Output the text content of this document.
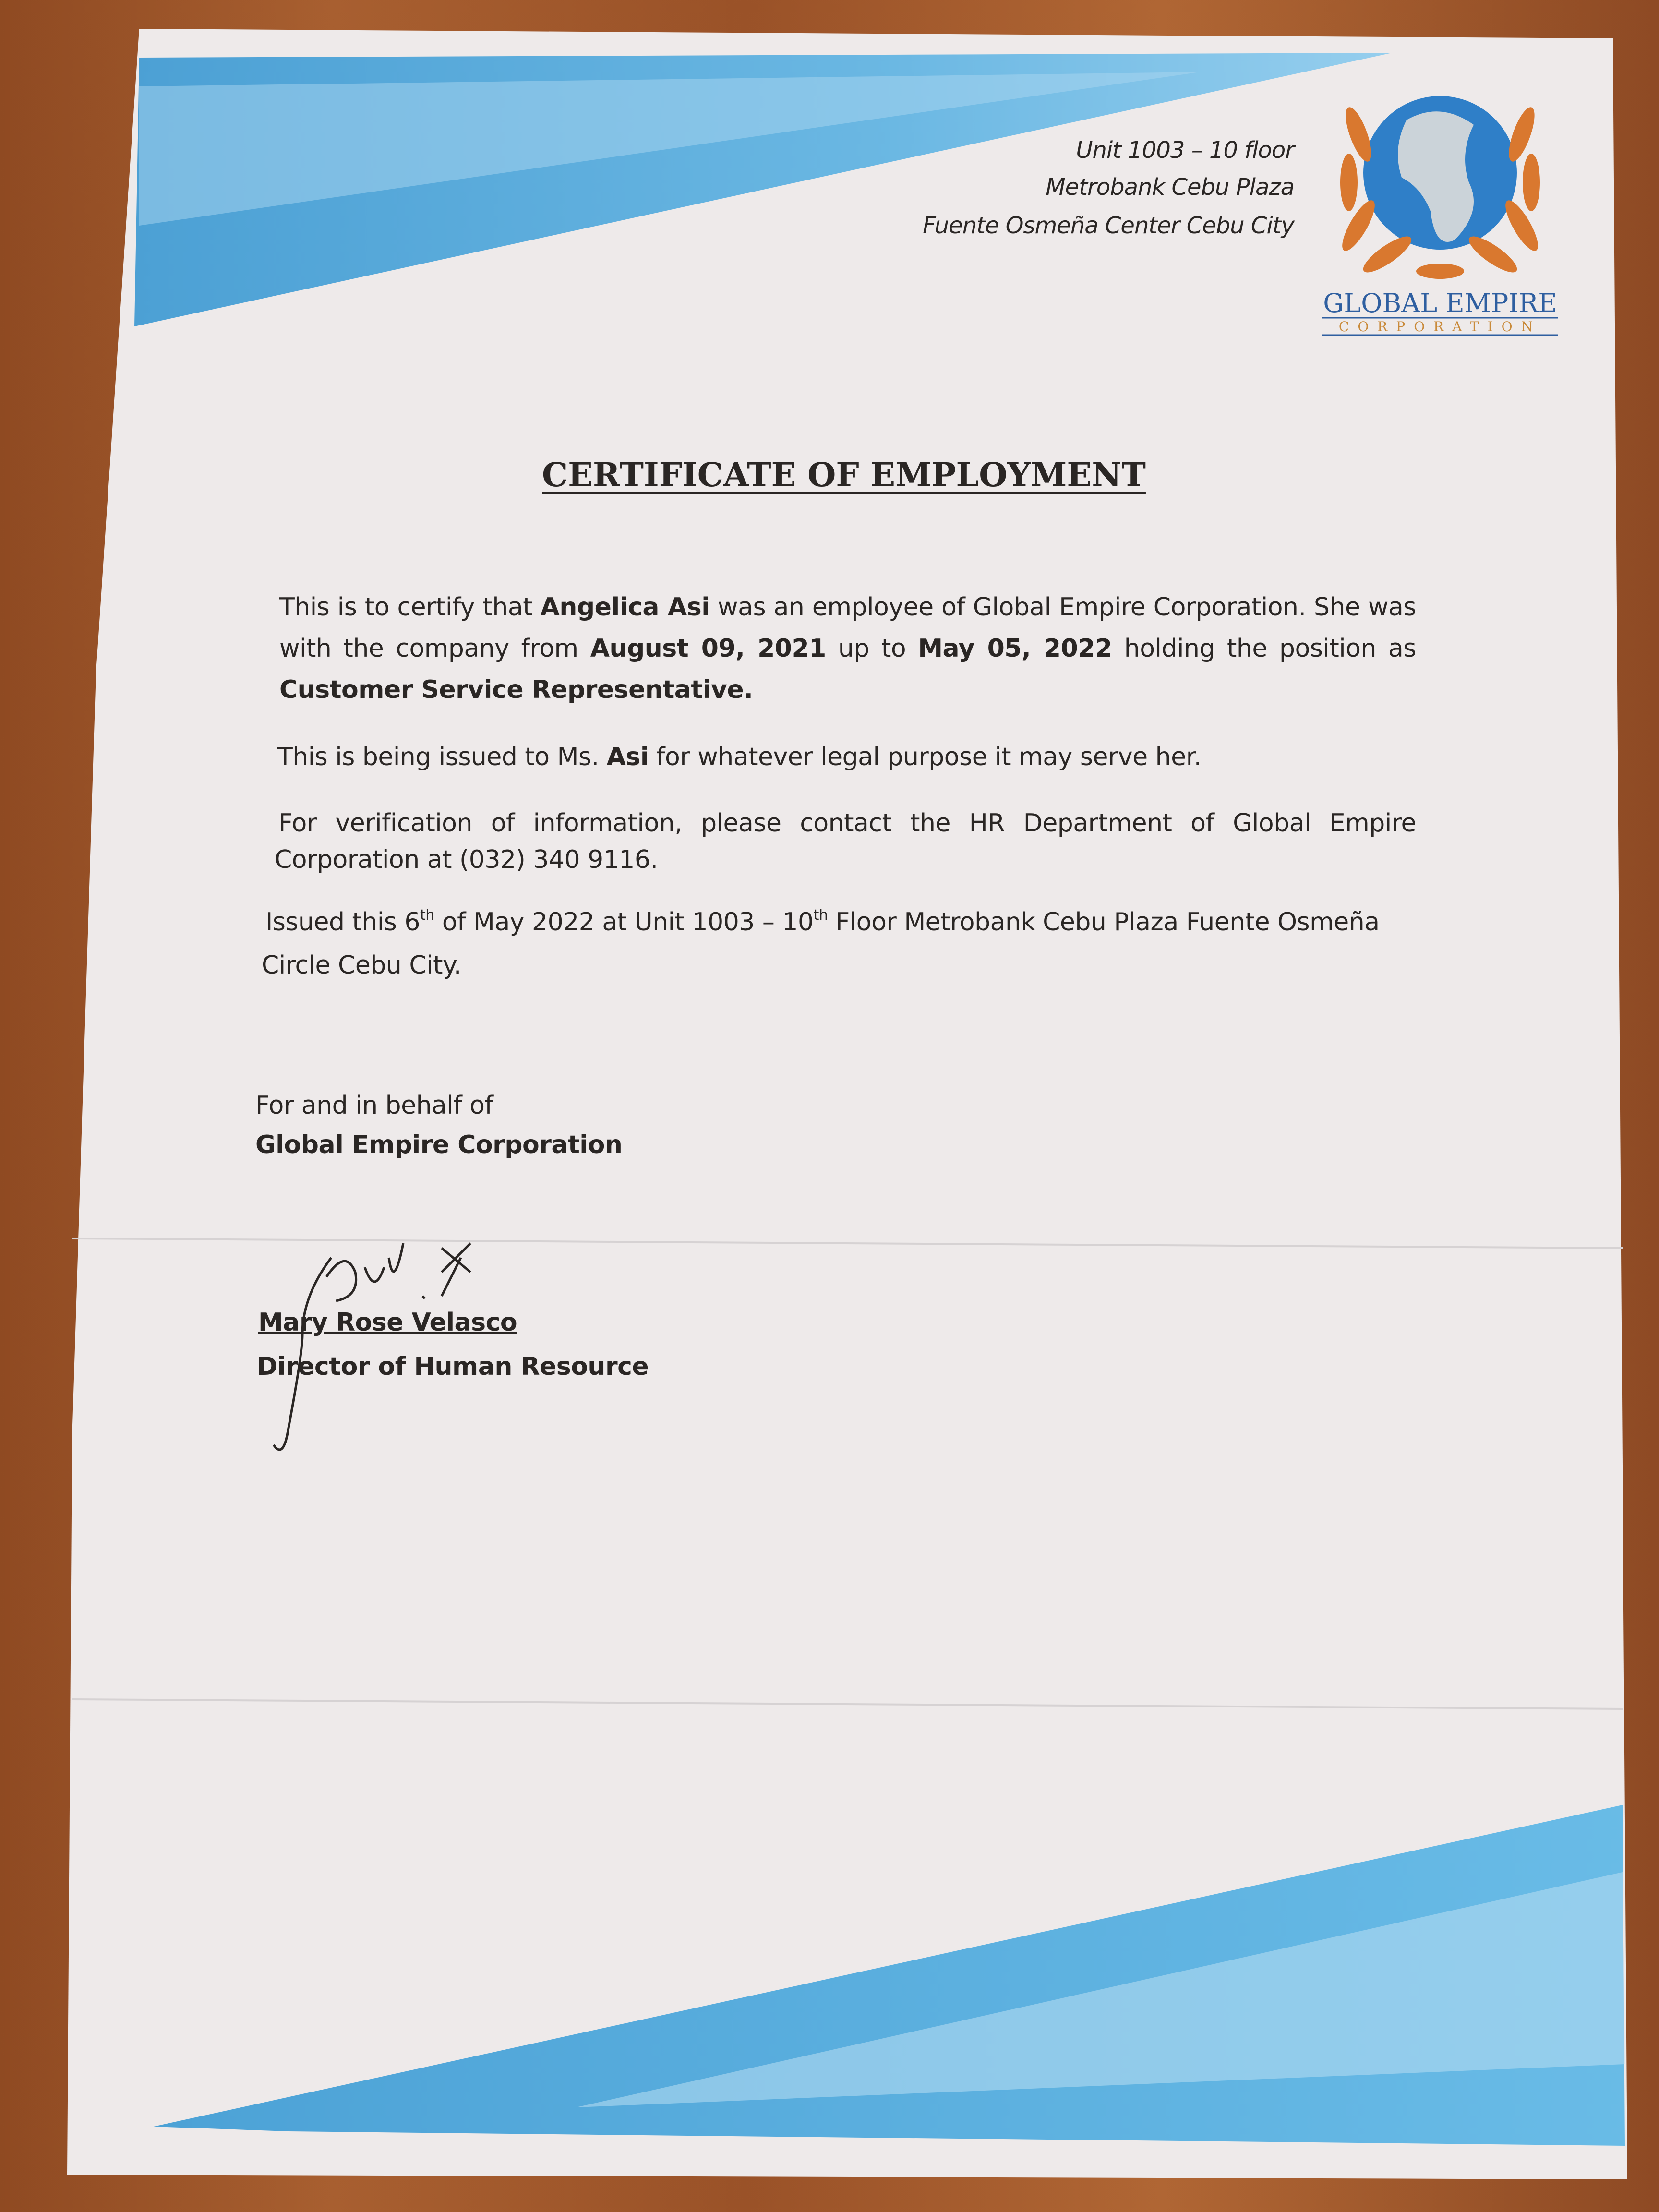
GLOBAL EMPIRE
CORPORATION
Unit 1003 – 10 floor
Metrobank Cebu Plaza
Fuente Osmeña Center Cebu City
CERTIFICATE OF EMPLOYMENT
This is to certify that Angelica Asi was an employee of Global Empire Corporation. She was with the company from August 09, 2021 up to May 05, 2022 holding the position as Customer Service Representative.
This is being issued to Ms. Asi for whatever legal purpose it may serve her.
For verification of information, please contact the HR Department of Global Empire
Corporation at (032) 340 9116.
Issued this 6th of May 2022 at Unit 1003 – 10th Floor Metrobank Cebu Plaza Fuente Osmeña
Circle Cebu City.
For and in behalf of
Global Empire Corporation
Mary Rose Velasco
Director of Human Resource
